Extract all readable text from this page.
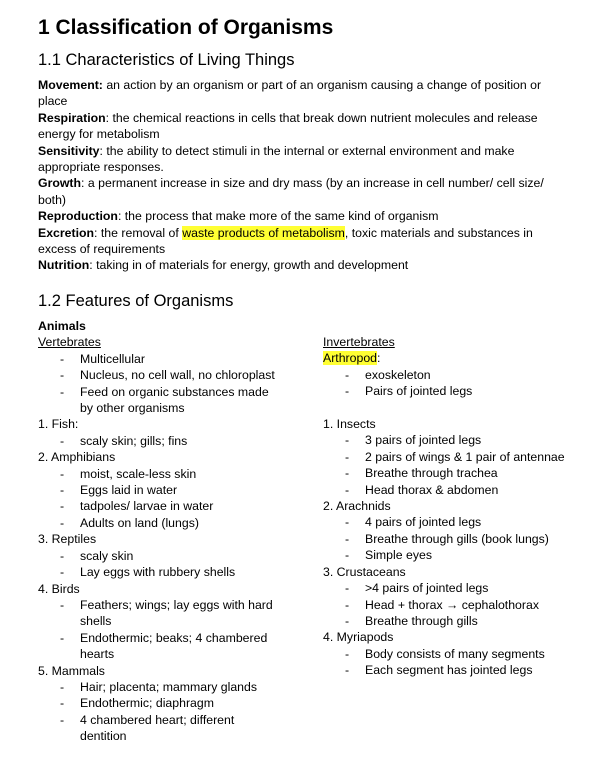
1 Classification of Organisms
1.1 Characteristics of Living Things

Movement: an action by an organism or part of an organism causing a change of position or place

Respiration: the chemical reactions in cells that break down nutrient molecules and release energy for metabolism

Sensitivity: the ability to detect stimuli in the internal or external environment and make appropriate responses.

Growth: a permanent increase in size and dry mass (by an increase in cell number/ cell size/ both)

Reproduction: the process that make more of the same kind of organism

Excretion: the removal of waste products of metabolism, toxic materials and substances in excess of requirements

Nutrition: taking in of materials for energy, growth and development

1.2 Features of Organisms
Animals
Vertebrates
- Multicellular
- Nucleus, no cell wall, no chloroplast
- Feed on organic substances made by other organisms
1. Fish:
- scaly skin; gills; fins
2. Amphibians
- moist, scale-less skin
- Eggs laid in water
- tadpoles/ larvae in water
- Adults on land (lungs)
3. Reptiles
- scaly skin
- Lay eggs with rubbery shells
4. Birds
- Feathers; wings; lay eggs with hard shells
- Endothermic; beaks; 4 chambered hearts
5. Mammals
- Hair; placenta; mammary glands
- Endothermic; diaphragm
- 4 chambered heart; different dentition
Invertebrates
Arthropod:
- exoskeleton
- Pairs of jointed legs

1. Insects
- 3 pairs of jointed legs
- 2 pairs of wings & 1 pair of antennae
- Breathe through trachea
- Head thorax & abdomen
2. Arachnids
- 4 pairs of jointed legs
- Breathe through gills (book lungs)
- Simple eyes
3. Crustaceans
- >4 pairs of jointed legs
- Head + thorax → cephalothorax
- Breathe through gills
4. Myriapods
- Body consists of many segments
- Each segment has jointed legs
